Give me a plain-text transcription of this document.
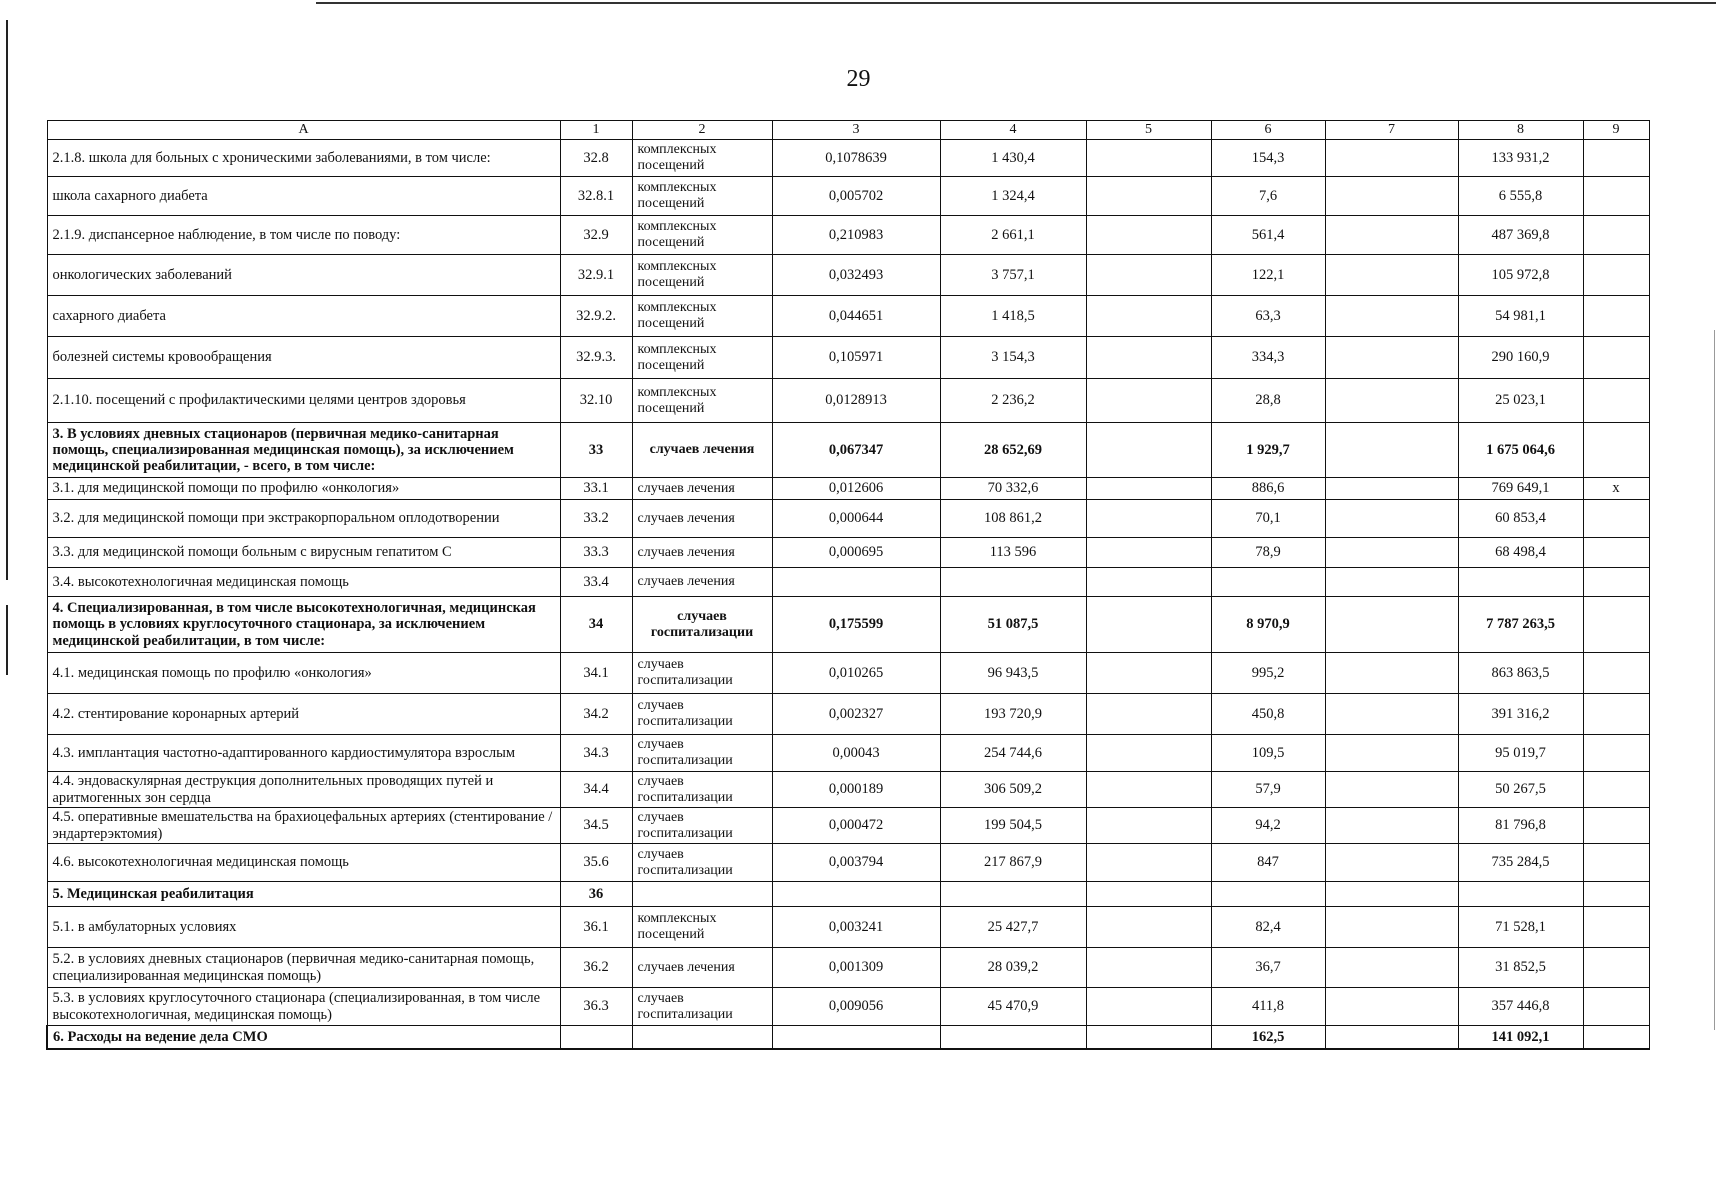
29
А	1	2	3	4	5	6	7	8	9
2.1.8. школа для больных с хроническими заболеваниями, в том числе:	32.8	комплексных посещений	0,1078639	1 430,4		154,3		133 931,2	
школа сахарного диабета	32.8.1	комплексных посещений	0,005702	1 324,4		7,6		6 555,8	
2.1.9. диспансерное наблюдение, в том числе по поводу:	32.9	комплексных посещений	0,210983	2 661,1		561,4		487 369,8	
онкологических заболеваний	32.9.1	комплексных посещений	0,032493	3 757,1		122,1		105 972,8	
сахарного диабета	32.9.2.	комплексных посещений	0,044651	1 418,5		63,3		54 981,1	
болезней системы кровообращения	32.9.3.	комплексных посещений	0,105971	3 154,3		334,3		290 160,9	
2.1.10. посещений с профилактическими целями центров здоровья	32.10	комплексных посещений	0,0128913	2 236,2		28,8		25 023,1	
3. В условиях дневных стационаров (первичная медико-санитарная помощь, специализированная медицинская помощь), за исключением медицинской реабилитации, - всего, в том числе:	33	случаев лечения	0,067347	28 652,69		1 929,7		1 675 064,6	
3.1. для медицинской помощи по профилю «онкология»	33.1	случаев лечения	0,012606	70 332,6		886,6		769 649,1	х
3.2. для медицинской помощи при экстракорпоральном оплодотворении	33.2	случаев лечения	0,000644	108 861,2		70,1		60 853,4	
3.3. для медицинской помощи больным с вирусным гепатитом С	33.3	случаев лечения	0,000695	113 596		78,9		68 498,4	
3.4. высокотехнологичная медицинская помощь	33.4	случаев лечения							
4. Специализированная, в том числе высокотехнологичная, медицинская помощь в условиях круглосуточного стационара, за исключением медицинской реабилитации, в том числе:	34	случаев госпитализации	0,175599	51 087,5		8 970,9		7 787 263,5	
4.1. медицинская помощь по профилю «онкология»	34.1	случаев госпитализации	0,010265	96 943,5		995,2		863 863,5	
4.2. стентирование коронарных артерий	34.2	случаев госпитализации	0,002327	193 720,9		450,8		391 316,2	
4.3. имплантация частотно-адаптированного кардиостимулятора взрослым	34.3	случаев госпитализации	0,00043	254 744,6		109,5		95 019,7	
4.4. эндоваскулярная деструкция дополнительных проводящих путей и аритмогенных зон сердца	34.4	случаев госпитализации	0,000189	306 509,2		57,9		50 267,5	
4.5. оперативные вмешательства на брахиоцефальных артериях (стентирование / эндартерэктомия)	34.5	случаев госпитализации	0,000472	199 504,5		94,2		81 796,8	
4.6. высокотехнологичная медицинская помощь	35.6	случаев госпитализации	0,003794	217 867,9		847		735 284,5	
5. Медицинская реабилитация	36								
5.1. в амбулаторных условиях	36.1	комплексных посещений	0,003241	25 427,7		82,4		71 528,1	
5.2. в условиях дневных стационаров (первичная медико-санитарная помощь, специализированная медицинская помощь)	36.2	случаев лечения	0,001309	28 039,2		36,7		31 852,5	
5.3. в условиях круглосуточного стационара (специализированная, в том числе высокотехнологичная, медицинская помощь)	36.3	случаев госпитализации	0,009056	45 470,9		411,8		357 446,8	
6. Расходы на ведение дела СМО						162,5		141 092,1	
